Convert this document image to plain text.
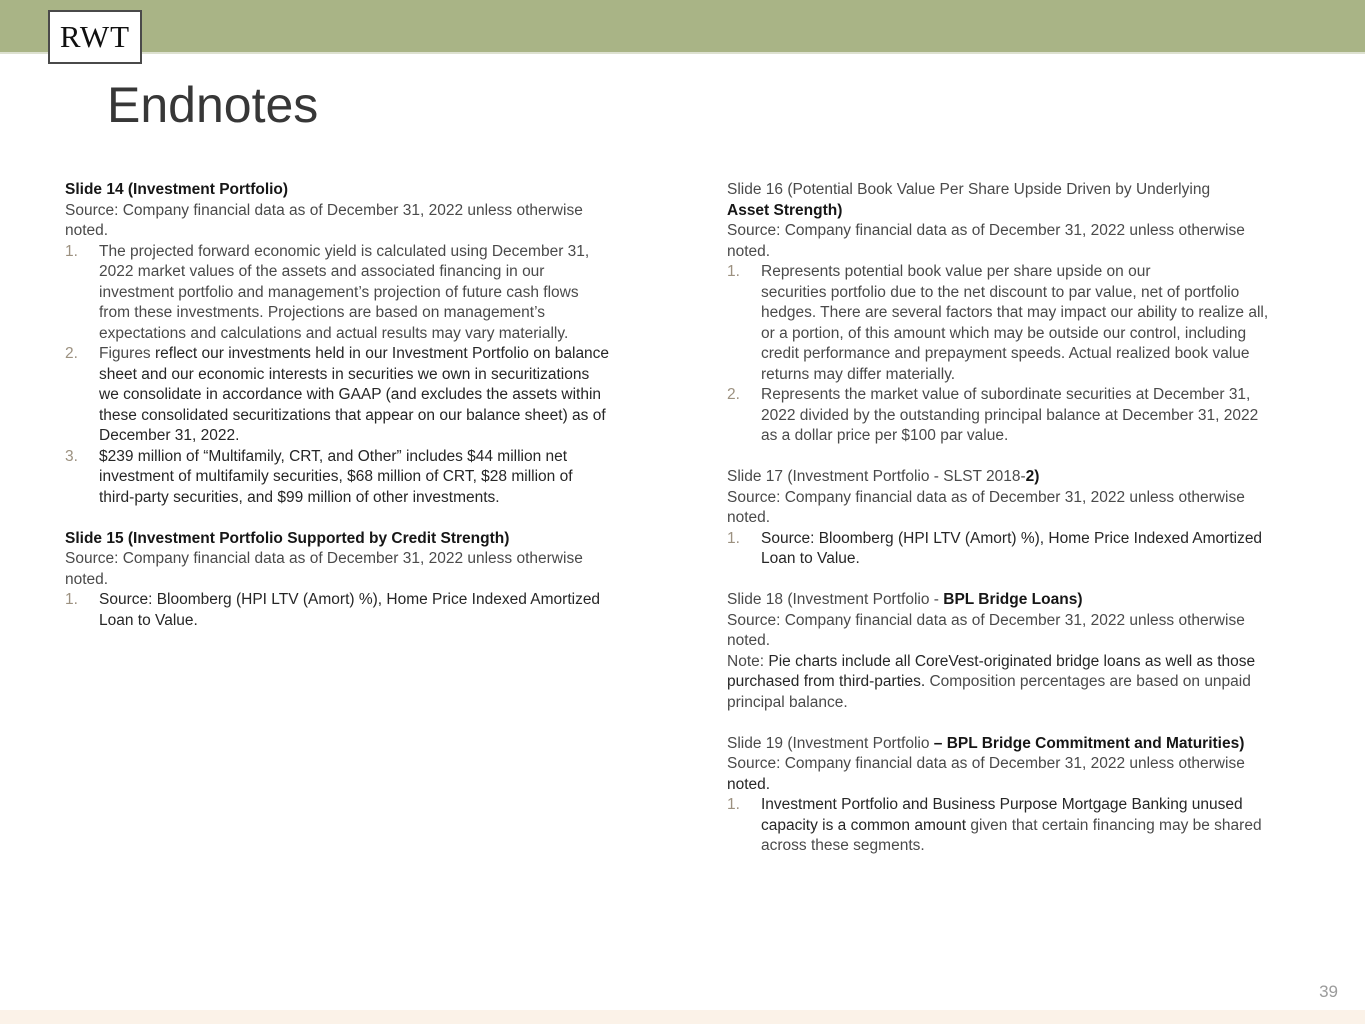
RWT
Endnotes
Slide 14 (Investment Portfolio)
Source: Company financial data as of December 31, 2022 unless otherwise
noted.
1.	The projected forward economic yield is calculated using December 31,
2022 market values of the assets and associated financing in our
investment portfolio and management’s projection of future cash flows
from these investments. Projections are based on management’s
expectations and calculations and actual results may vary materially.
2.	Figures reflect our investments held in our Investment Portfolio on balance
sheet and our economic interests in securities we own in securitizations
we consolidate in accordance with GAAP (and excludes the assets within
these consolidated securitizations that appear on our balance sheet) as of
December 31, 2022.
3.	$239 million of “Multifamily, CRT, and Other” includes $44 million net
investment of multifamily securities, $68 million of CRT, $28 million of
third-party securities, and $99 million of other investments.
Slide 15 (Investment Portfolio Supported by Credit Strength)
Source: Company financial data as of December 31, 2022 unless otherwise
noted.
1.	Source: Bloomberg (HPI LTV (Amort) %), Home Price Indexed Amortized
Loan to Value.
Slide 16 (Potential Book Value Per Share Upside Driven by Underlying
Asset Strength)
Source: Company financial data as of December 31, 2022 unless otherwise
noted.
1.	Represents potential book value per share upside on our
securities portfolio due to the net discount to par value, net of portfolio
hedges. There are several factors that may impact our ability to realize all,
or a portion, of this amount which may be outside our control, including
credit performance and prepayment speeds. Actual realized book value
returns may differ materially.
2.	Represents the market value of subordinate securities at December 31,
2022 divided by the outstanding principal balance at December 31, 2022
as a dollar price per $100 par value.
Slide 17 (Investment Portfolio - SLST 2018-2)
Source: Company financial data as of December 31, 2022 unless otherwise
noted.
1.	Source: Bloomberg (HPI LTV (Amort) %), Home Price Indexed Amortized
Loan to Value.
Slide 18 (Investment Portfolio - BPL Bridge Loans)
Source: Company financial data as of December 31, 2022 unless otherwise
noted.
Note: Pie charts include all CoreVest-originated bridge loans as well as those
purchased from third-parties. Composition percentages are based on unpaid
principal balance.
Slide 19 (Investment Portfolio – BPL Bridge Commitment and Maturities)
Source: Company financial data as of December 31, 2022 unless otherwise
noted.
1.	Investment Portfolio and Business Purpose Mortgage Banking unused
capacity is a common amount given that certain financing may be shared
across these segments.
39
